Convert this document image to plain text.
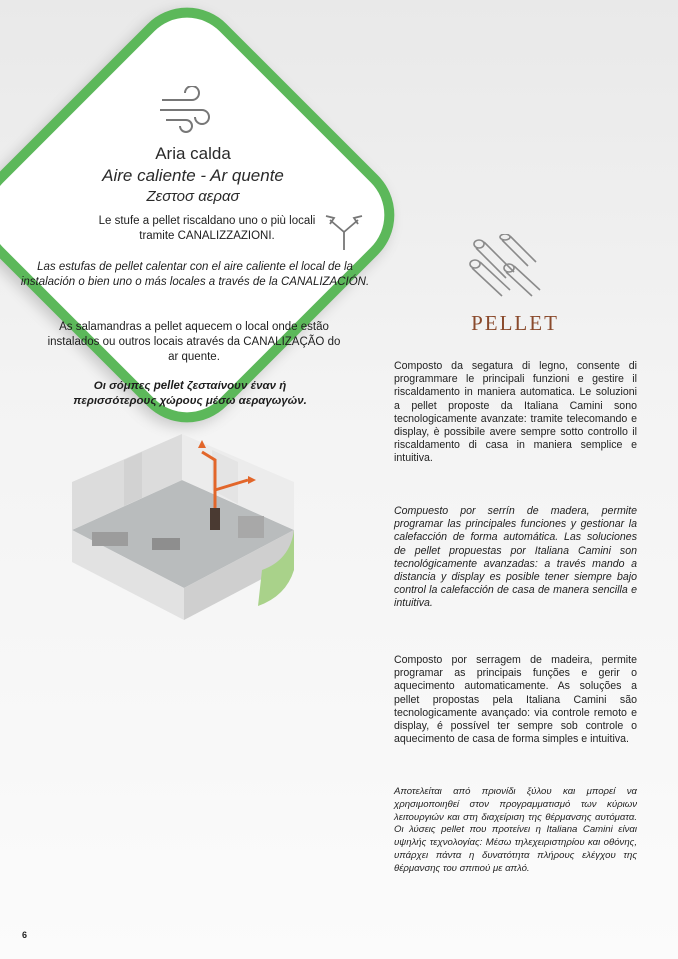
Aria calda
Aire caliente - Ar quente
Ζεστοσ αερασ
Le stufe a pellet riscaldano uno o più locali tramite CANALIZZAZIONI.
Las estufas de pellet calentar con el aire caliente el local de la instalación o bien uno o más locales a través de la CANALIZACIÓN.
As salamandras a pellet aquecem o local onde estão instalados ou outros locais através da CANALIZAÇÃO do ar quente.
Οι σόμπες pellet ζεσταίνουν έναν ή περισσότερους χώρους μέσω αεραγωγών.
PELLET
Composto da segatura di legno, consente di programmare le principali funzioni e gestire il riscaldamento in maniera automatica. Le soluzioni a pellet proposte da Italiana Camini sono tecnologicamente avanzate: tramite telecomando e display, è possibile avere sempre sotto controllo il riscaldamento di casa in maniera semplice e intuitiva.
Compuesto por serrín de madera, permite programar las principales funciones y gestionar la calefacción de forma automática. Las soluciones de pellet propuestas por Italiana Camini son tecnológicamente avanzadas: a través mando a distancia y display es posible tener siempre bajo control la calefacción de casa de manera sencilla e intuitiva.
Composto por serragem de madeira, permite programar as principais funções e gerir o aquecimento automaticamente. As soluções a pellet propostas pela Italiana Camini são tecnologicamente avançado: via controle remoto e display, é possível ter sempre sob controle o aquecimento de casa de forma simples e intuitiva.
Αποτελείται από πριονίδι ξύλου και μπορεί να χρησιμοποιηθεί στον προγραμματισμό των κύριων λειτουργιών και στη διαχείριση της θέρμανσης αυτόματα. Οι λύσεις pellet που προτείνει η Italiana Camini είναι υψηλής τεχνολογίας: Μέσω τηλεχειριστηρίου και οθόνης, υπάρχει πάντα η δυνατότητα πλήρους ελέγχου της θέρμανσης του σπιτιού με απλό.
6
